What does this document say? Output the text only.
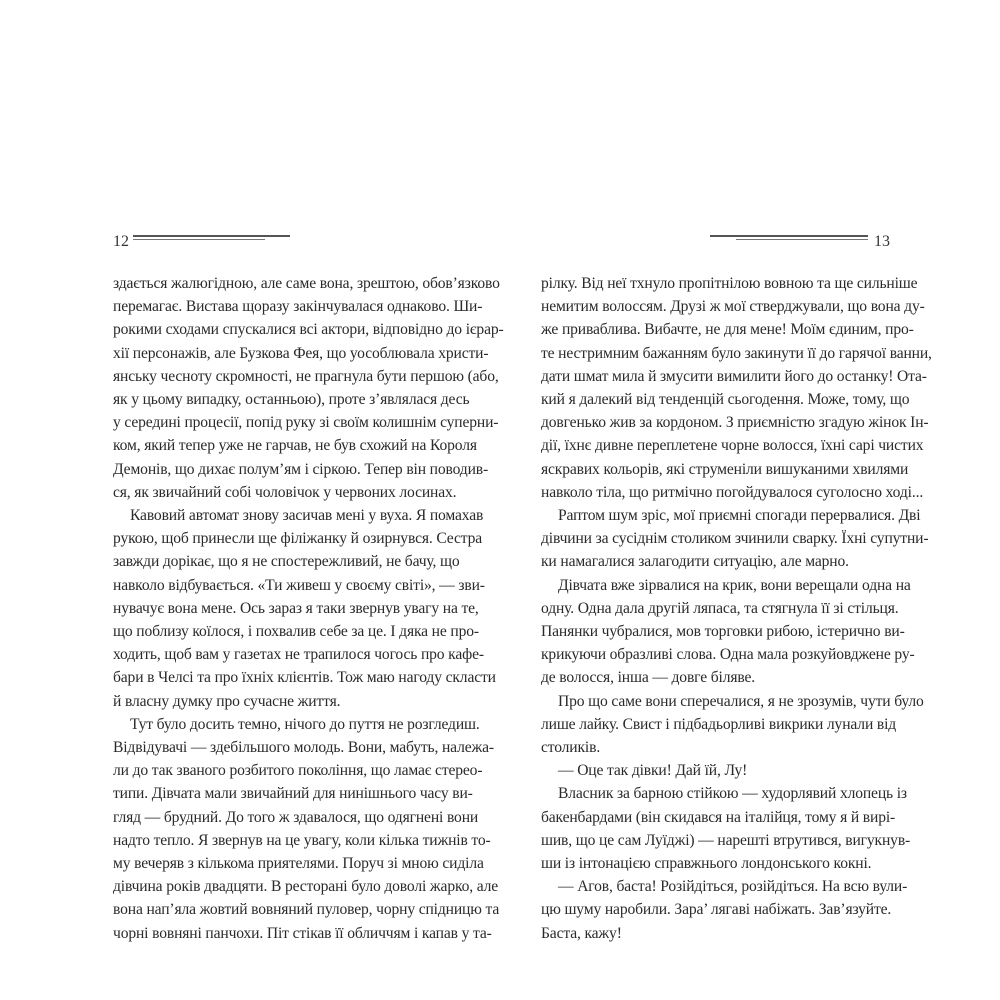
12
здається жалюгідною, але саме вона, зрештою, обов’язково
перемагає. Вистава щоразу закінчувалася однаково. Ши-
рокими сходами спускалися всі актори, відповідно до ієрар-
хії персонажів, але Бузкова Фея, що уособлювала христи-
янську чесноту скромності, не прагнула бути першою (або,
як у цьому випадку, останньою), проте з’являлася десь
у середині процесії, попід руку зі своїм колишнім суперни-
ком, який тепер уже не гарчав, не був схожий на Короля
Демонів, що дихає полум’ям і сіркою. Тепер він поводив-
ся, як звичайний собі чоловічок у червоних лосинах.
Кавовий автомат знову засичав мені у вуха. Я помахав
рукою, щоб принесли ще філіжанку й озирнувся. Сестра
завжди дорікає, що я не спостережливий, не бачу, що
навколо відбувається. «Ти живеш у своєму світі», — зви-
нувачує вона мене. Ось зараз я таки звернув увагу на те,
що поблизу коїлося, і похвалив себе за це. І дяка не про-
ходить, щоб вам у газетах не трапилося чогось про кафе-
бари в Челсі та про їхніх клієнтів. Тож маю нагоду скласти
й власну думку про сучасне життя.
Тут було досить темно, нічого до пуття не розгледиш.
Відвідувачі — здебільшого молодь. Вони, мабуть, належа-
ли до так званого розбитого покоління, що ламає стерео-
типи. Дівчата мали звичайний для нинішнього часу ви-
гляд — брудний. До того ж здавалося, що одягнені вони
надто тепло. Я звернув на це увагу, коли кілька тижнів то-
му вечеряв з кількома приятелями. Поруч зі мною сиділа
дівчина років двадцяти. В ресторані було доволі жарко, але
вона нап’яла жовтий вовняний пуловер, чорну спідницю та
чорні вовняні панчохи. Піт стікав її обличчям і капав у та-
13
рілку. Від неї тхнуло пропітнілою вовною та ще сильніше
немитим волоссям. Друзі ж мої стверджували, що вона ду-
же приваблива. Вибачте, не для мене! Моїм єдиним, про-
те нестримним бажанням було закинути її до гарячої ванни,
дати шмат мила й змусити вимилити його до останку! Ота-
кий я далекий від тенденцій сьогодення. Може, тому, що
довгенько жив за кордоном. З приємністю згадую жінок Ін-
дії, їхнє дивне переплетене чорне волосся, їхні сарі чистих
яскравих кольорів, які струменіли вишуканими хвилями
навколо тіла, що ритмічно погойдувалося суголосно ході...
Раптом шум зріс, мої приємні спогади перервалися. Дві
дівчини за сусіднім столиком зчинили сварку. Їхні супутни-
ки намагалися залагодити ситуацію, але марно.
Дівчата вже зірвалися на крик, вони верещали одна на
одну. Одна дала другій ляпаса, та стягнула її зі стільця.
Панянки чубралися, мов торговки рибою, істерично ви-
крикуючи образливі слова. Одна мала розкуйовджене ру-
де волосся, інша — довге біляве.
Про що саме вони сперечалися, я не зрозумів, чути було
лише лайку. Свист і підбадьорливі викрики лунали від
столиків.
— Оце так дівки! Дай їй, Лу!
Власник за барною стійкою — худорлявий хлопець із
бакенбардами (він скидався на італійця, тому я й вирі-
шив, що це сам Луїджі) — нарешті втрутився, вигукнув-
ши із інтонацією справжнього лондонського кокні.
— Агов, баста! Розійдіться, розійдіться. На всю вули-
цю шуму наробили. Зара’ лягаві набіжать. Зав’язуйте.
Баста, кажу!
